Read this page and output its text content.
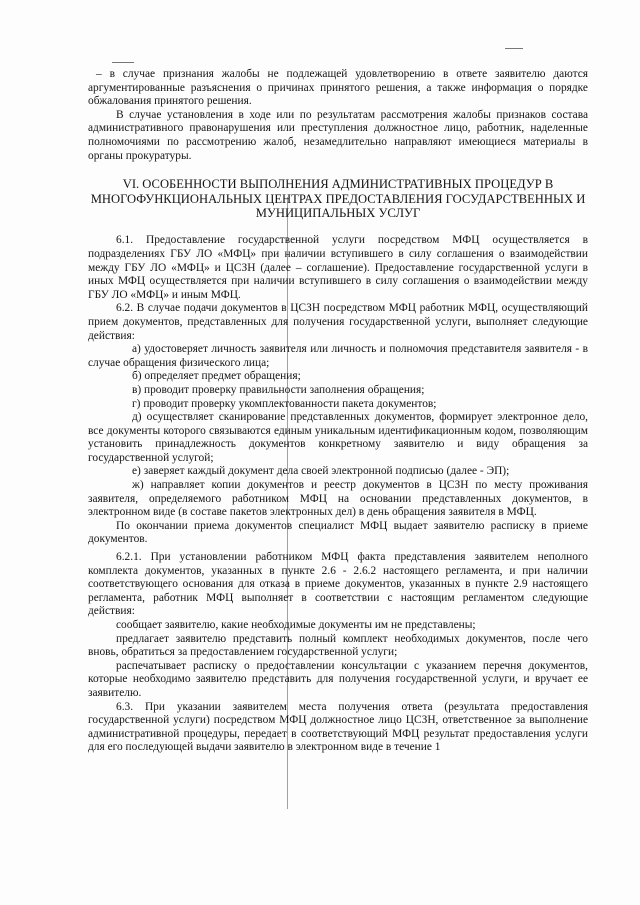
– в случае признания жалобы не подлежащей удовлетворению в ответе заявителю даются аргументированные разъяснения о причинах принятого решения, а также информация о порядке обжалования принятого решения.

В случае установления в ходе или по результатам рассмотрения жалобы признаков состава административного правонарушения или преступления должностное лицо, работник, наделенные полномочиями по рассмотрению жалоб, незамедлительно направляют имеющиеся материалы в органы прокуратуры.

VI. ОСОБЕННОСТИ ВЫПОЛНЕНИЯ АДМИНИСТРАТИВНЫХ ПРОЦЕДУР В МНОГОФУНКЦИОНАЛЬНЫХ ЦЕНТРАХ ПРЕДОСТАВЛЕНИЯ ГОСУДАРСТВЕННЫХ И МУНИЦИПАЛЬНЫХ УСЛУГ

6.1. Предоставление государственной услуги посредством МФЦ осуществляется в подразделениях ГБУ ЛО «МФЦ» при наличии вступившего в силу соглашения о взаимодействии между ГБУ ЛО «МФЦ» и ЦСЗН (далее – соглашение). Предоставление государственной услуги в иных МФЦ осуществляется при наличии вступившего в силу соглашения о взаимодействии между ГБУ ЛО «МФЦ» и иным МФЦ.

6.2. В случае подачи документов в ЦСЗН посредством МФЦ работник МФЦ, осуществляющий прием документов, представленных для получения государственной услуги, выполняет следующие действия:

а) удостоверяет личность заявителя или личность и полномочия представителя заявителя - в случае обращения физического лица;

б) определяет предмет обращения;

в) проводит проверку правильности заполнения обращения;

г) проводит проверку укомплектованности пакета документов;

д) осуществляет сканирование представленных документов, формирует электронное дело, все документы которого связываются единым уникальным идентификационным кодом, позволяющим установить принадлежность документов конкретному заявителю и виду обращения за государственной услугой;

е) заверяет каждый документ дела своей электронной подписью (далее - ЭП);

ж) направляет копии документов и реестр документов в ЦСЗН по месту проживания заявителя, определяемого работником МФЦ на основании представленных документов, в электронном виде (в составе пакетов электронных дел) в день обращения заявителя в МФЦ.

По окончании приема документов специалист МФЦ выдает заявителю расписку в приеме документов.

6.2.1. При установлении работником МФЦ факта представления заявителем неполного комплекта документов, указанных в пункте 2.6 - 2.6.2 настоящего регламента, и при наличии соответствующего основания для отказа в приеме документов, указанных в пункте 2.9 настоящего регламента, работник МФЦ выполняет в соответствии с настоящим регламентом следующие действия:

сообщает заявителю, какие необходимые документы им не представлены;

предлагает заявителю представить полный комплект необходимых документов, после чего вновь, обратиться за предоставлением государственной услуги;

распечатывает расписку о предоставлении консультации с указанием перечня документов, которые необходимо заявителю представить для получения государственной услуги, и вручает ее заявителю.

6.3. При указании заявителем места получения ответа (результата предоставления государственной услуги) посредством МФЦ должностное лицо ЦСЗН, ответственное за выполнение административной процедуры, передает в соответствующий МФЦ результат предоставления услуги для его последующей выдачи заявителю в электронном виде в течение 1
